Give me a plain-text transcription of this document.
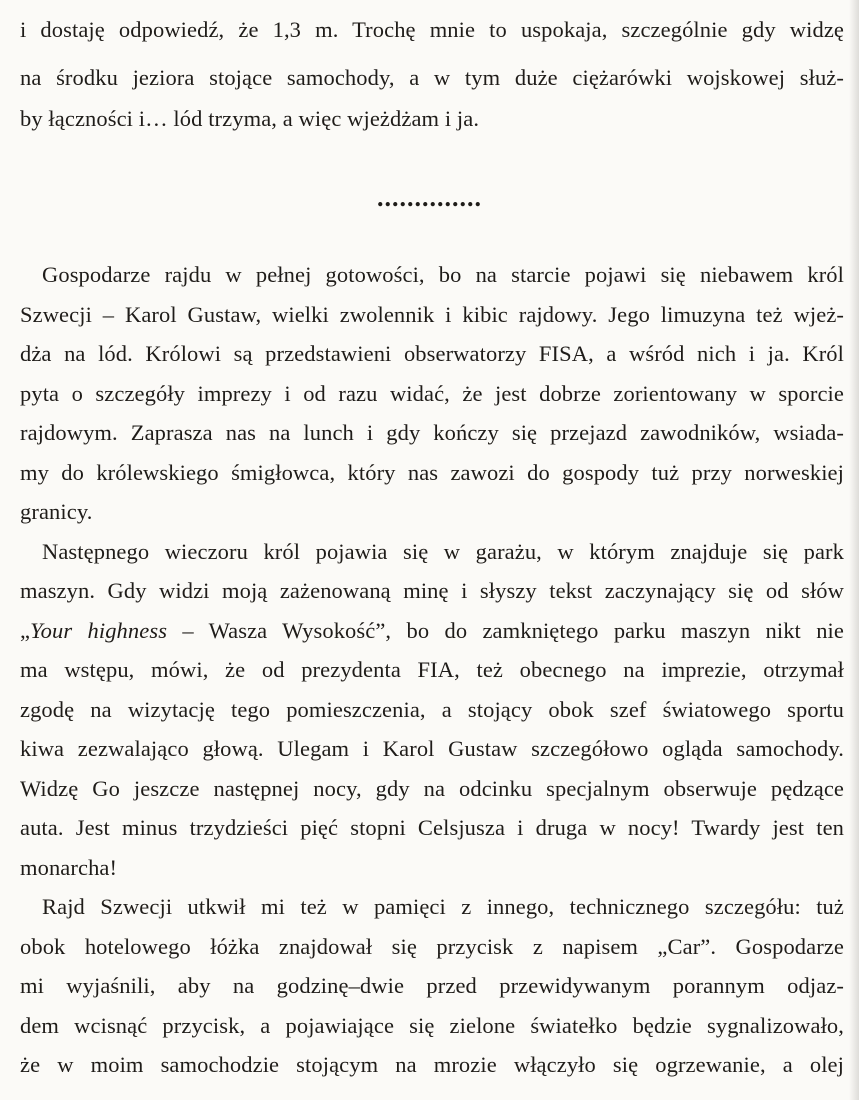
i dostaję odpowiedź, że 1,3 m. Trochę mnie to uspokaja, szczególnie gdy widzę
na środku jeziora stojące samochody, a w tym duże ciężarówki wojskowej służ-
by łączności i… lód trzyma, a więc wjeżdżam i ja.
..............
Gospodarze rajdu w pełnej gotowości, bo na starcie pojawi się niebawem król
Szwecji – Karol Gustaw, wielki zwolennik i kibic rajdowy. Jego limuzyna też wjeż-
dża na lód. Królowi są przedstawieni obserwatorzy FISA, a wśród nich i ja. Król
pyta o szczegóły imprezy i od razu widać, że jest dobrze zorientowany w sporcie
rajdowym. Zaprasza nas na lunch i gdy kończy się przejazd zawodników, wsiada-
my do królewskiego śmigłowca, który nas zawozi do gospody tuż przy norweskiej
granicy.
Następnego wieczoru król pojawia się w garażu, w którym znajduje się park
maszyn. Gdy widzi moją zażenowaną minę i słyszy tekst zaczynający się od słów
„Your highness – Wasza Wysokość”, bo do zamkniętego parku maszyn nikt nie
ma wstępu, mówi, że od prezydenta FIA, też obecnego na imprezie, otrzymał
zgodę na wizytację tego pomieszczenia, a stojący obok szef światowego sportu
kiwa zezwalająco głową. Ulegam i Karol Gustaw szczegółowo ogląda samochody.
Widzę Go jeszcze następnej nocy, gdy na odcinku specjalnym obserwuje pędzące
auta. Jest minus trzydzieści pięć stopni Celsjusza i druga w nocy! Twardy jest ten
monarcha!
Rajd Szwecji utkwił mi też w pamięci z innego, technicznego szczegółu: tuż
obok hotelowego łóżka znajdował się przycisk z napisem „Car”. Gospodarze
mi wyjaśnili, aby na godzinę–dwie przed przewidywanym porannym odjaz-
dem wcisnąć przycisk, a pojawiające się zielone światełko będzie sygnalizowało,
że w moim samochodzie stojącym na mrozie włączyło się ogrzewanie, a olej
